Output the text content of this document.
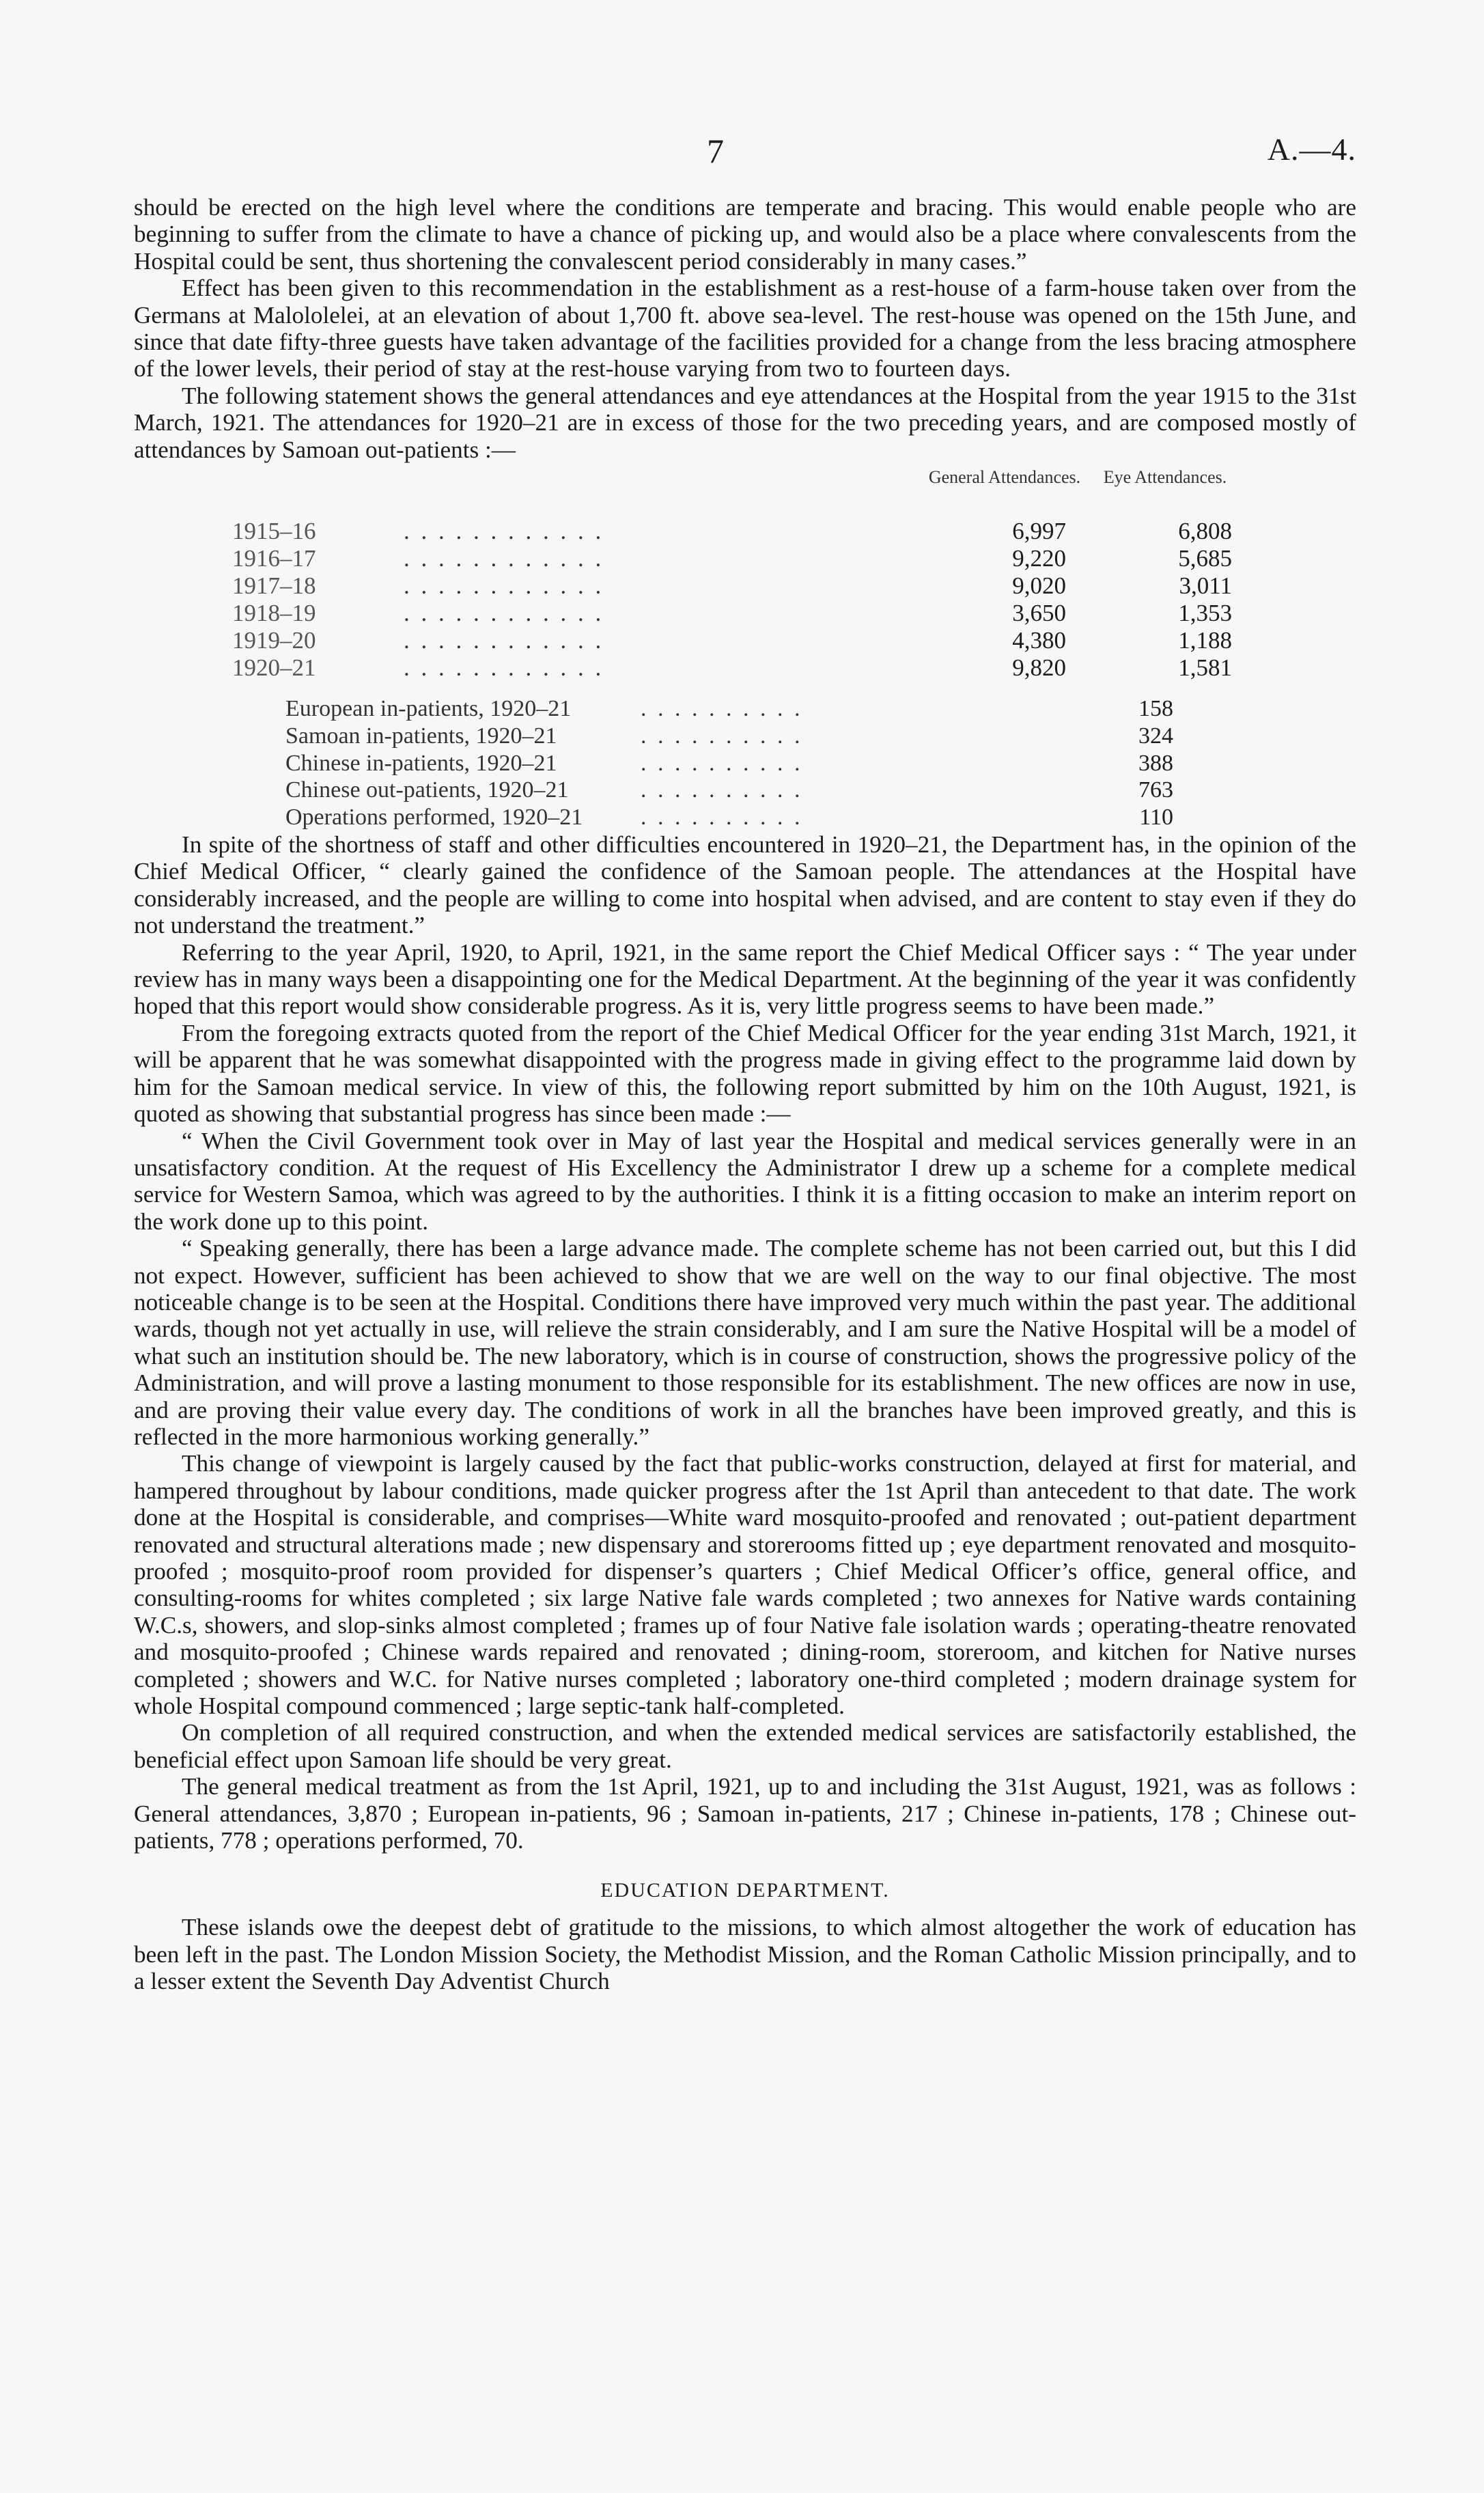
7	A.—4.

should be erected on the high level where the conditions are temperate and bracing. This would enable people who are beginning to suffer from the climate to have a chance of picking up, and would also be a place where convalescents from the Hospital could be sent, thus shortening the convalescent period considerably in many cases.”

Effect has been given to this recommendation in the establishment as a rest-house of a farm-house taken over from the Germans at Malololelei, at an elevation of about 1,700 ft. above sea-level. The rest-house was opened on the 15th June, and since that date fifty-three guests have taken advantage of the facilities provided for a change from the less bracing atmosphere of the lower levels, their period of stay at the rest-house varying from two to fourteen days.

The following statement shows the general attendances and eye attendances at the Hospital from the year 1915 to the 31st March, 1921. The attendances for 1920–21 are in excess of those for the two preceding years, and are composed mostly of attendances by Samoan out-patients :—

General Attendances.	Eye Attendances.
1915–16	. . . . . . . . . . . .	6,997	6,808
1916–17	. . . . . . . . . . . .	9,220	5,685
1917–18	. . . . . . . . . . . .	9,020	3,011
1918–19	. . . . . . . . . . . .	3,650	1,353
1919–20	. . . . . . . . . . . .	4,380	1,188
1920–21	. . . . . . . . . . . .	9,820	1,581
European in-patients, 1920–21	. . . . . . . . . .	158
Samoan in-patients, 1920–21	. . . . . . . . . .	324
Chinese in-patients, 1920–21	. . . . . . . . . .	388
Chinese out-patients, 1920–21	. . . . . . . . . .	763
Operations performed, 1920–21 . . . . . . . . . .	110

In spite of the shortness of staff and other difficulties encountered in 1920–21, the Department has, in the opinion of the Chief Medical Officer, “ clearly gained the confidence of the Samoan people. The attendances at the Hospital have considerably increased, and the people are willing to come into hospital when advised, and are content to stay even if they do not understand the treatment.”

Referring to the year April, 1920, to April, 1921, in the same report the Chief Medical Officer says : “ The year under review has in many ways been a disappointing one for the Medical Department. At the beginning of the year it was confidently hoped that this report would show considerable progress. As it is, very little progress seems to have been made.”

From the foregoing extracts quoted from the report of the Chief Medical Officer for the year ending 31st March, 1921, it will be apparent that he was somewhat disappointed with the progress made in giving effect to the programme laid down by him for the Samoan medical service. In view of this, the following report submitted by him on the 10th August, 1921, is quoted as showing that substantial progress has since been made :—

“ When the Civil Government took over in May of last year the Hospital and medical services generally were in an unsatisfactory condition. At the request of His Excellency the Administrator I drew up a scheme for a complete medical service for Western Samoa, which was agreed to by the authorities. I think it is a fitting occasion to make an interim report on the work done up to this point.

“ Speaking generally, there has been a large advance made. The complete scheme has not been carried out, but this I did not expect. However, sufficient has been achieved to show that we are well on the way to our final objective. The most noticeable change is to be seen at the Hospital. Conditions there have improved very much within the past year. The additional wards, though not yet actually in use, will relieve the strain considerably, and I am sure the Native Hospital will be a model of what such an institution should be. The new laboratory, which is in course of construction, shows the progressive policy of the Administration, and will prove a lasting monument to those responsible for its establishment. The new offices are now in use, and are proving their value every day. The conditions of work in all the branches have been improved greatly, and this is reflected in the more harmonious working generally.”

This change of viewpoint is largely caused by the fact that public-works construction, delayed at first for material, and hampered throughout by labour conditions, made quicker progress after the 1st April than antecedent to that date. The work done at the Hospital is considerable, and comprises—White ward mosquito-proofed and renovated ; out-patient department renovated and structural alterations made ; new dispensary and storerooms fitted up ; eye department renovated and mosquito-proofed ; mosquito-proof room provided for dispenser’s quarters ; Chief Medical Officer’s office, general office, and consulting-rooms for whites completed ; six large Native fale wards completed ; two annexes for Native wards containing W.C.s, showers, and slop-sinks almost completed ; frames up of four Native fale isolation wards ; operating-theatre renovated and mosquito-proofed ; Chinese wards repaired and renovated ; dining-room, storeroom, and kitchen for Native nurses completed ; showers and W.C. for Native nurses completed ; laboratory one-third completed ; modern drainage system for whole Hospital compound commenced ; large septic-tank half-completed.

On completion of all required construction, and when the extended medical services are satisfactorily established, the beneficial effect upon Samoan life should be very great.

The general medical treatment as from the 1st April, 1921, up to and including the 31st August, 1921, was as follows : General attendances, 3,870 ; European in-patients, 96 ; Samoan in-patients, 217 ; Chinese in-patients, 178 ; Chinese out-patients, 778 ; operations performed, 70.

EDUCATION DEPARTMENT.

These islands owe the deepest debt of gratitude to the missions, to which almost altogether the work of education has been left in the past. The London Mission Society, the Methodist Mission, and the Roman Catholic Mission principally, and to a lesser extent the Seventh Day Adventist Church
